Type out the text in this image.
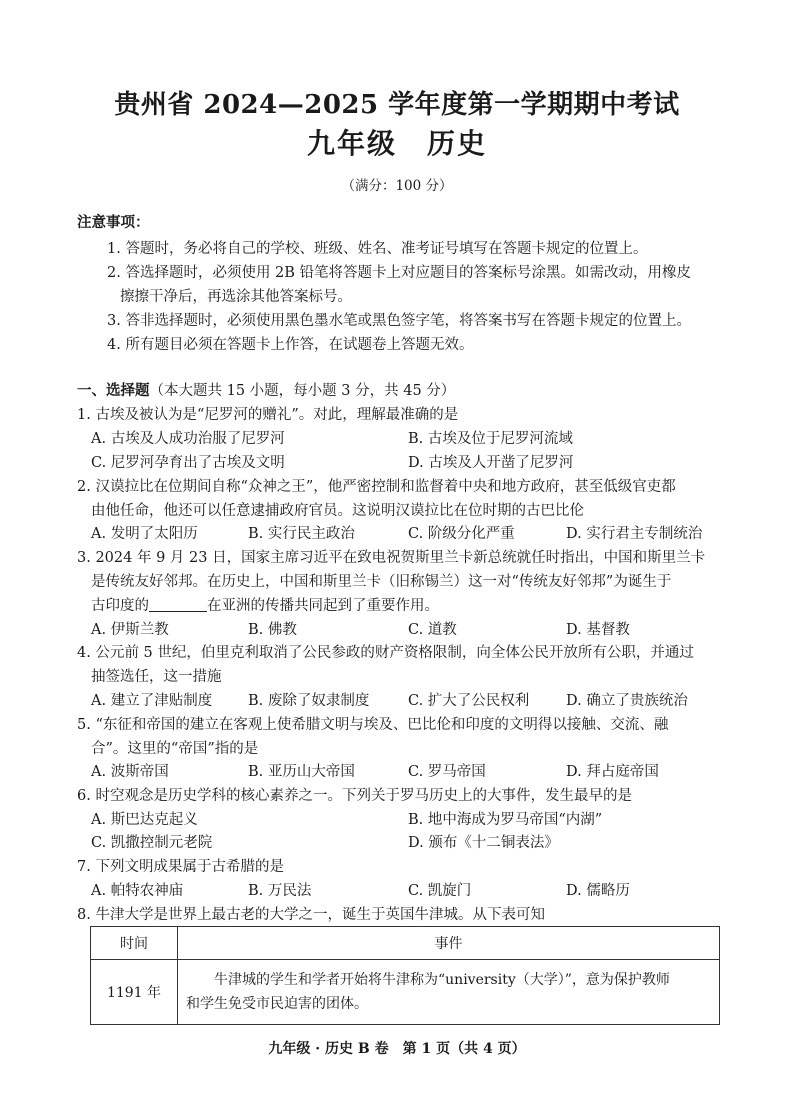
贵州省 2024—2025 学年度第一学期期中考试
九年级　历史
（满分：100 分）
注意事项：
1. 答题时，务必将自己的学校、班级、姓名、准考证号填写在答题卡规定的位置上。
2. 答选择题时，必须使用 2B 铅笔将答题卡上对应题目的答案标号涂黑。如需改动，用橡皮
擦擦干净后，再选涂其他答案标号。
3. 答非选择题时，必须使用黑色墨水笔或黑色签字笔，将答案书写在答题卡规定的位置上。
4. 所有题目必须在答题卡上作答，在试题卷上答题无效。
一、选择题（本大题共 15 小题，每小题 3 分，共 45 分）
1. 古埃及被认为是“尼罗河的赠礼”。对此，理解最准确的是
A. 古埃及人成功治服了尼罗河	B. 古埃及位于尼罗河流域
C. 尼罗河孕育出了古埃及文明	D. 古埃及人开凿了尼罗河
2. 汉谟拉比在位期间自称“众神之王”，他严密控制和监督着中央和地方政府，甚至低级官吏都
由他任命，他还可以任意逮捕政府官员。这说明汉谟拉比在位时期的古巴比伦
A. 发明了太阳历	B. 实行民主政治	C. 阶级分化严重	D. 实行君主专制统治
3. 2024 年 9 月 23 日，国家主席习近平在致电祝贺斯里兰卡新总统就任时指出，中国和斯里兰卡
是传统友好邻邦。在历史上，中国和斯里兰卡（旧称锡兰）这一对“传统友好邻邦”为诞生于
古印度的	在亚洲的传播共同起到了重要作用。
A. 伊斯兰教	B. 佛教	C. 道教	D. 基督教
4. 公元前 5 世纪，伯里克利取消了公民参政的财产资格限制，向全体公民开放所有公职，并通过
抽签选任，这一措施
A. 建立了津贴制度 B. 废除了奴隶制度	C. 扩大了公民权利	D. 确立了贵族统治
5. “东征和帝国的建立在客观上使希腊文明与埃及、巴比伦和印度的文明得以接触、交流、融
合”。这里的“帝国”指的是
A. 波斯帝国	B. 亚历山大帝国	C. 罗马帝国	D. 拜占庭帝国
6. 时空观念是历史学科的核心素养之一。下列关于罗马历史上的大事件，发生最早的是
A. 斯巴达克起义	B. 地中海成为罗马帝国“内湖”
C. 凯撒控制元老院	D. 颁布《十二铜表法》
7. 下列文明成果属于古希腊的是
A. 帕特农神庙	B. 万民法	C. 凯旋门	D. 儒略历
8. 牛津大学是世界上最古老的大学之一，诞生于英国牛津城。从下表可知
时间	事件
1191 年	牛津城的学生和学者开始将牛津称为“university（大学）”，意为保护教师
和学生免受市民迫害的团体。
九年级 · 历史 B 卷　第 1 页（共 4 页）
